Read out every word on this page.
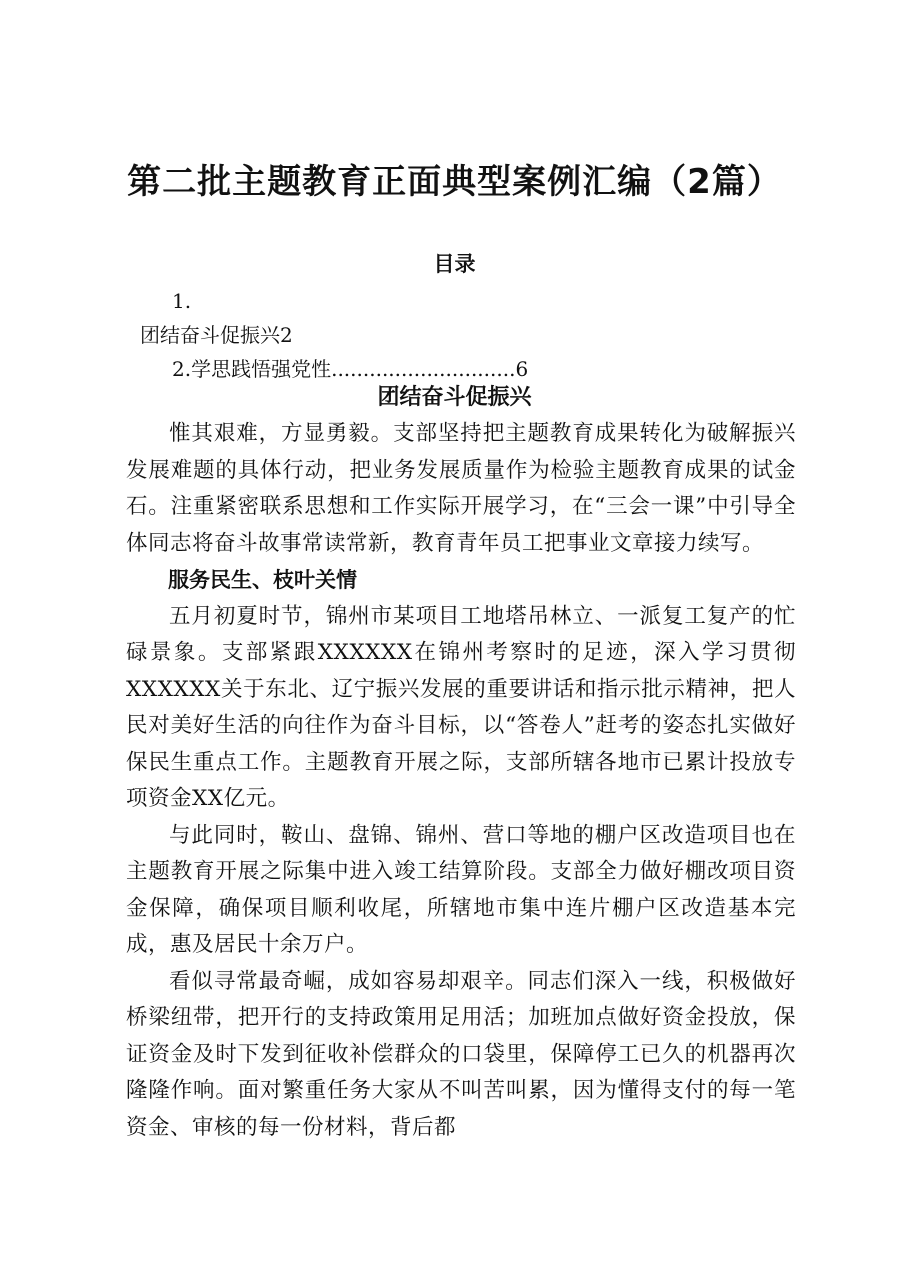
第二批主题教育正面典型案例汇编（2篇）
目录
1.
团结奋斗促振兴2
2.学思践悟强党性.............................6
团结奋斗促振兴

惟其艰难，方显勇毅。支部坚持把主题教育成果转化为破解振兴发展难题的具体行动，把业务发展质量作为检验主题教育成果的试金石。注重紧密联系思想和工作实际开展学习，在“三会一课”中引导全体同志将奋斗故事常读常新，教育青年员工把事业文章接力续写。

服务民生、枝叶关情

五月初夏时节，锦州市某项目工地塔吊林立、一派复工复产的忙碌景象。支部紧跟XXXXXX在锦州考察时的足迹，深入学习贯彻XXXXXX关于东北、辽宁振兴发展的重要讲话和指示批示精神，把人民对美好生活的向往作为奋斗目标，以“答卷人”赶考的姿态扎实做好保民生重点工作。主题教育开展之际，支部所辖各地市已累计投放专项资金XX亿元。

与此同时，鞍山、盘锦、锦州、营口等地的棚户区改造项目也在主题教育开展之际集中进入竣工结算阶段。支部全力做好棚改项目资金保障，确保项目顺利收尾，所辖地市集中连片棚户区改造基本完成，惠及居民十余万户。

看似寻常最奇崛，成如容易却艰辛。同志们深入一线，积极做好桥梁纽带，把开行的支持政策用足用活；加班加点做好资金投放，保证资金及时下发到征收补偿群众的口袋里，保障停工已久的机器再次隆隆作响。面对繁重任务大家从不叫苦叫累，因为懂得支付的每一笔资金、审核的每一份材料，背后都
